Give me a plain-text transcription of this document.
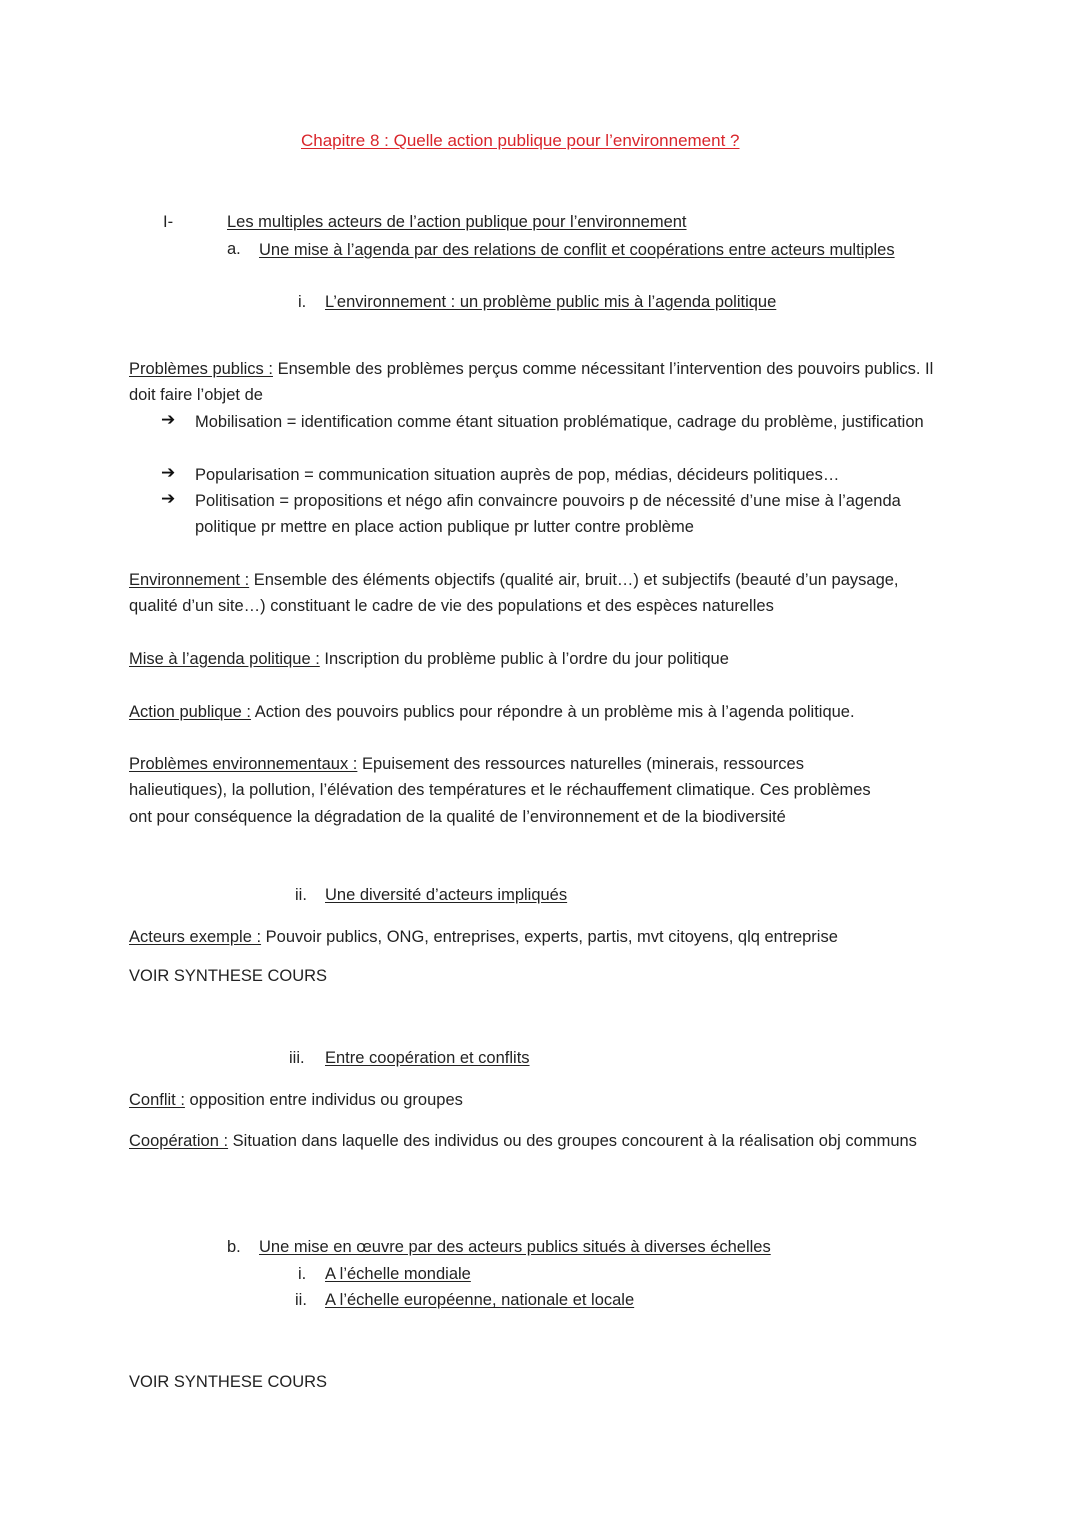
Chapitre 8 : Quelle action publique pour l’environnement ?
I-	Les multiples acteurs de l’action publique pour l’environnement
a. Une mise à l’agenda par des relations de conflit et coopérations entre acteurs multiples
i. L’environnement : un problème public mis à l’agenda politique
Problèmes publics : Ensemble des problèmes perçus comme nécessitant l’intervention des pouvoirs publics. Il doit faire l’objet de
➔ Mobilisation = identification comme étant situation problématique, cadrage du problème, justification
➔ Popularisation = communication situation auprès de pop, médias, décideurs politiques…
➔ Politisation = propositions et négo afin convaincre pouvoirs p de nécessité d’une mise à l’agenda politique pr mettre en place action publique pr lutter contre problème
Environnement : Ensemble des éléments objectifs (qualité air, bruit…) et subjectifs (beauté d’un paysage, qualité d’un site…) constituant le cadre de vie des populations et des espèces naturelles
Mise à l’agenda politique : Inscription du problème public à l’ordre du jour politique
Action publique : Action des pouvoirs publics pour répondre à un problème mis à l’agenda politique.
Problèmes environnementaux : Epuisement des ressources naturelles (minerais, ressources halieutiques), la pollution, l’élévation des températures et le réchauffement climatique. Ces problèmes ont pour conséquence la dégradation de la qualité de l’environnement et de la biodiversité
ii. Une diversité d’acteurs impliqués
Acteurs exemple : Pouvoir publics, ONG, entreprises, experts, partis, mvt citoyens, qlq entreprise
VOIR SYNTHESE COURS
iii. Entre coopération et conflits
Conflit : opposition entre individus ou groupes
Coopération : Situation dans laquelle des individus ou des groupes concourent à la réalisation obj communs
b. Une mise en œuvre par des acteurs publics situés à diverses échelles
i. A l’échelle mondiale
ii. A l’échelle européenne, nationale et locale
VOIR SYNTHESE COURS
